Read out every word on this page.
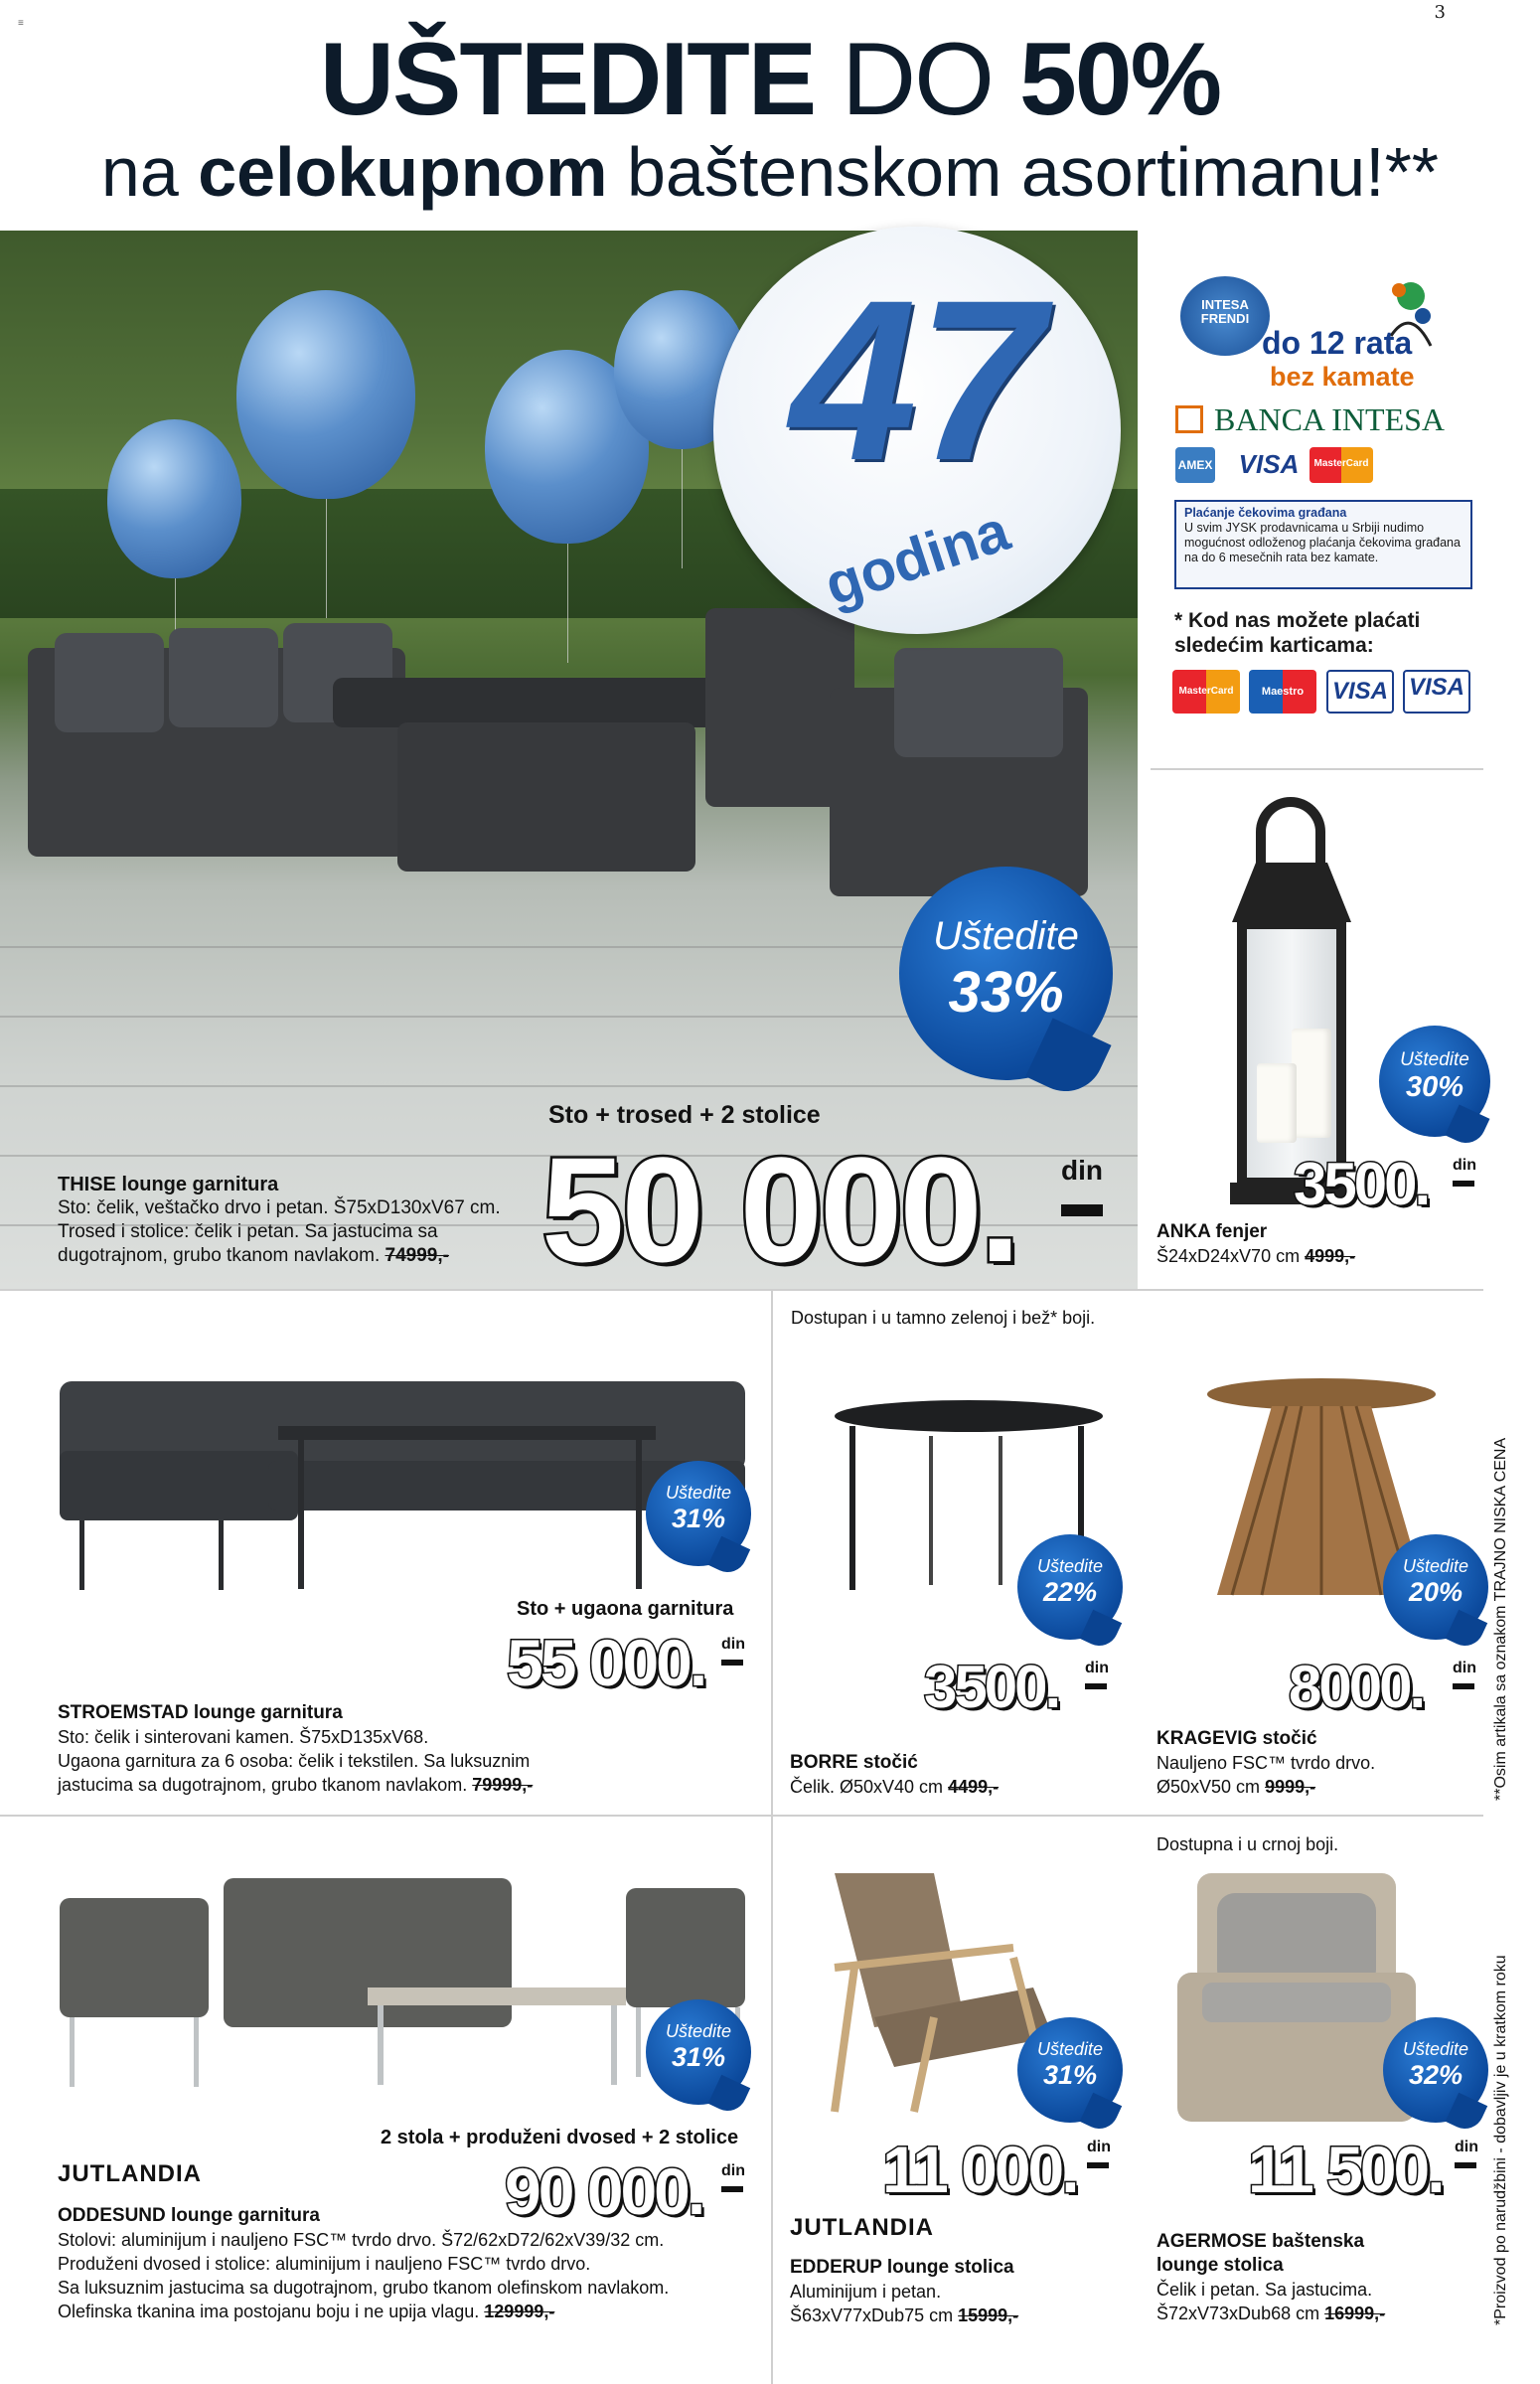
≡
3
UŠTEDITE DO 50%
na celokupnom baštenskom asortimanu!**
Uštedite
33%
Sto + trosed + 2 stolice
50 000. din
THISE lounge garnitura
Sto: čelik, veštačko drvo i petan. Š75xD130xV67 cm.
Trosed i stolice: čelik i petan. Sa jastucima sa
dugotrajnom, grubo tkanom navlakom. 74999,-
47
godina
INTESA FRENDI
do 12 rata
bez kamate
BANCA INTESA
AMEX VISA	MasterCard
Plaćanje čekovima građana
U svim JYSK prodavnicama u Srbiji nudimo mogućnost odloženog plaćanja čekovima građana na do 6 mesečnih rata bez kamate.
* Kod nas možete plaćati
sledećim karticama:
MasterCard	Maestro	VISA VISA
Uštedite
30%
3500. din
ANKA fenjer
Š24xD24xV70 cm 4999,-
Uštedite
31%
Sto + ugaona garnitura
55 000. din
STROEMSTAD lounge garnitura
Sto: čelik i sinterovani kamen. Š75xD135xV68.
Ugaona garnitura za 6 osoba: čelik i tekstilen. Sa luksuznim
jastucima sa dugotrajnom, grubo tkanom navlakom. 79999,-
Dostupan i u tamno zelenoj i bež* boji.
Uštedite
22%
3500. din
BORRE stočić
Čelik. Ø50xV40 cm 4499,-
Uštedite
20%
8000. din
KRAGEVIG stočić
Nauljeno FSC™ tvrdo drvo.
Ø50xV50 cm 9999,-
Uštedite
31%
2 stola + produženi dvosed + 2 stolice
JUTLANDIA	90 000. din
ODDESUND lounge garnitura
Stolovi: aluminijum i nauljeno FSC™ tvrdo drvo. Š72/62xD72/62xV39/32 cm.
Produženi dvosed i stolice: aluminijum i nauljeno FSC™ tvrdo drvo.
Sa luksuznim jastucima sa dugotrajnom, grubo tkanom olefinskom navlakom.
Olefinska tkanina ima postojanu boju i ne upija vlagu. 129999,-
Uštedite
31%
11 000. din
JUTLANDIA
EDDERUP lounge stolica
Aluminijum i petan.
Š63xV77xDub75 cm 15999,-
Dostupna i u crnoj boji.
Uštedite
32%
11 500. din
AGERMOSE baštenska
lounge stolica
Čelik i petan. Sa jastucima.
Š72xV73xDub68 cm 16999,-
**Osim artikala sa oznakom TRAJNO NISKA CENA
*Proizvod po narudžbini - dobavljiv je u kratkom roku
